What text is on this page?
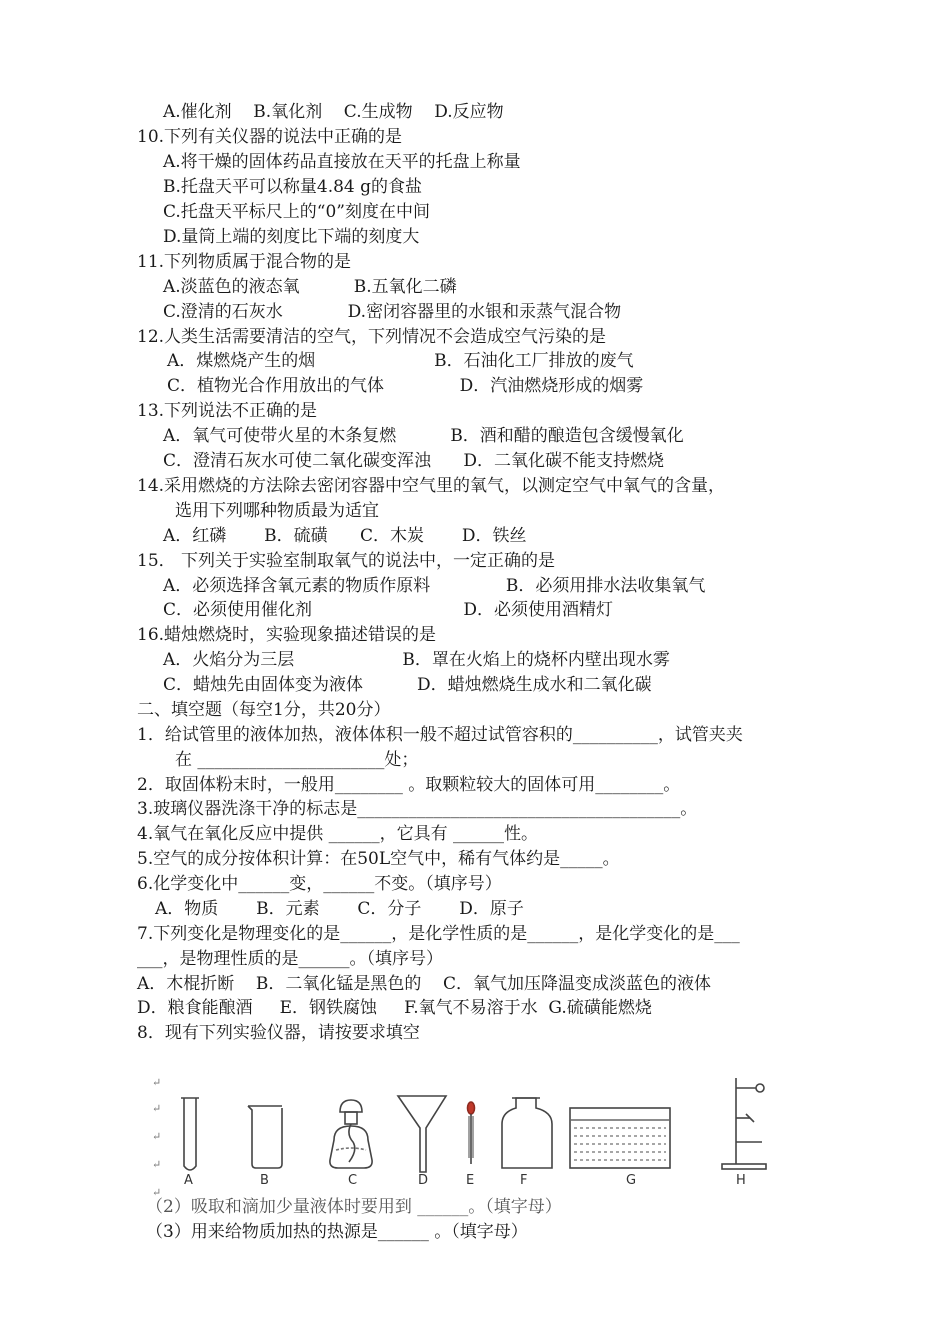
A.催化剂    B.氧化剂    C.生成物    D.反应物
10.下列有关仪器的说法中正确的是
A.将干燥的固体药品直接放在天平的托盘上称量
B.托盘天平可以称量4.84 g的食盐
C.托盘天平标尺上的“0”刻度在中间
D.量筒上端的刻度比下端的刻度大
11.下列物质属于混合物的是
A.淡蓝色的液态氧          B.五氧化二磷
C.澄清的石灰水            D.密闭容器里的水银和汞蒸气混合物
12.人类生活需要清洁的空气，下列情况不会造成空气污染的是
A．煤燃烧产生的烟                      B．石油化工厂排放的废气
C．植物光合作用放出的气体              D．汽油燃烧形成的烟雾
13.下列说法不正确的是
A．氧气可使带火星的木条复燃          B．酒和醋的酿造包含缓慢氧化
C．澄清石灰水可使二氧化碳变浑浊      D．二氧化碳不能支持燃烧
14.采用燃烧的方法除去密闭容器中空气里的氧气，以测定空气中氧气的含量，
选用下列哪种物质最为适宜
A．红磷       B．硫磺      C．木炭       D．铁丝
15． 下列关于实验室制取氧气的说法中，一定正确的是
A．必须选择含氧元素的物质作原料              B．必须用排水法收集氧气
C．必须使用催化剂                            D．必须使用酒精灯
16.蜡烛燃烧时，实验现象描述错误的是
A．火焰分为三层                    B．罩在火焰上的烧杯内壁出现水雾
C．蜡烛先由固体变为液体          D．蜡烛燃烧生成水和二氧化碳
二、填空题（每空1分，共20分）
1．给试管里的液体加热，液体体积一般不超过试管容积的__________，试管夹夹
在 ______________________处；
2．取固体粉末时，一般用________ 。取颗粒较大的固体可用________。
3.玻璃仪器洗涤干净的标志是______________________________________。
4.氧气在氧化反应中提供 ______，它具有 ______性。
5.空气的成分按体积计算：在50L空气中，稀有气体约是_____。
6.化学变化中______变，______不变。（填序号）
A．物质       B．元素       C．分子       D．原子
7.下列变化是物理变化的是______，是化学性质的是______，是化学变化的是___
___，是物理性质的是______。（填序号）
A．木棍折断    B．二氧化锰是黑色的    C．氧气加压降温变成淡蓝色的液体
D．粮食能酿酒     E．钢铁腐蚀     F.氧气不易溶于水  G.硫磺能燃烧
8．现有下列实验仪器，请按要求填空
↵
↵
↵
↵
↵
A	B	C	D	E	F	G	H
（2）吸取和滴加少量液体时要用到 ______。（填字母）
（3）用来给物质加热的热源是______ 。（填字母）
